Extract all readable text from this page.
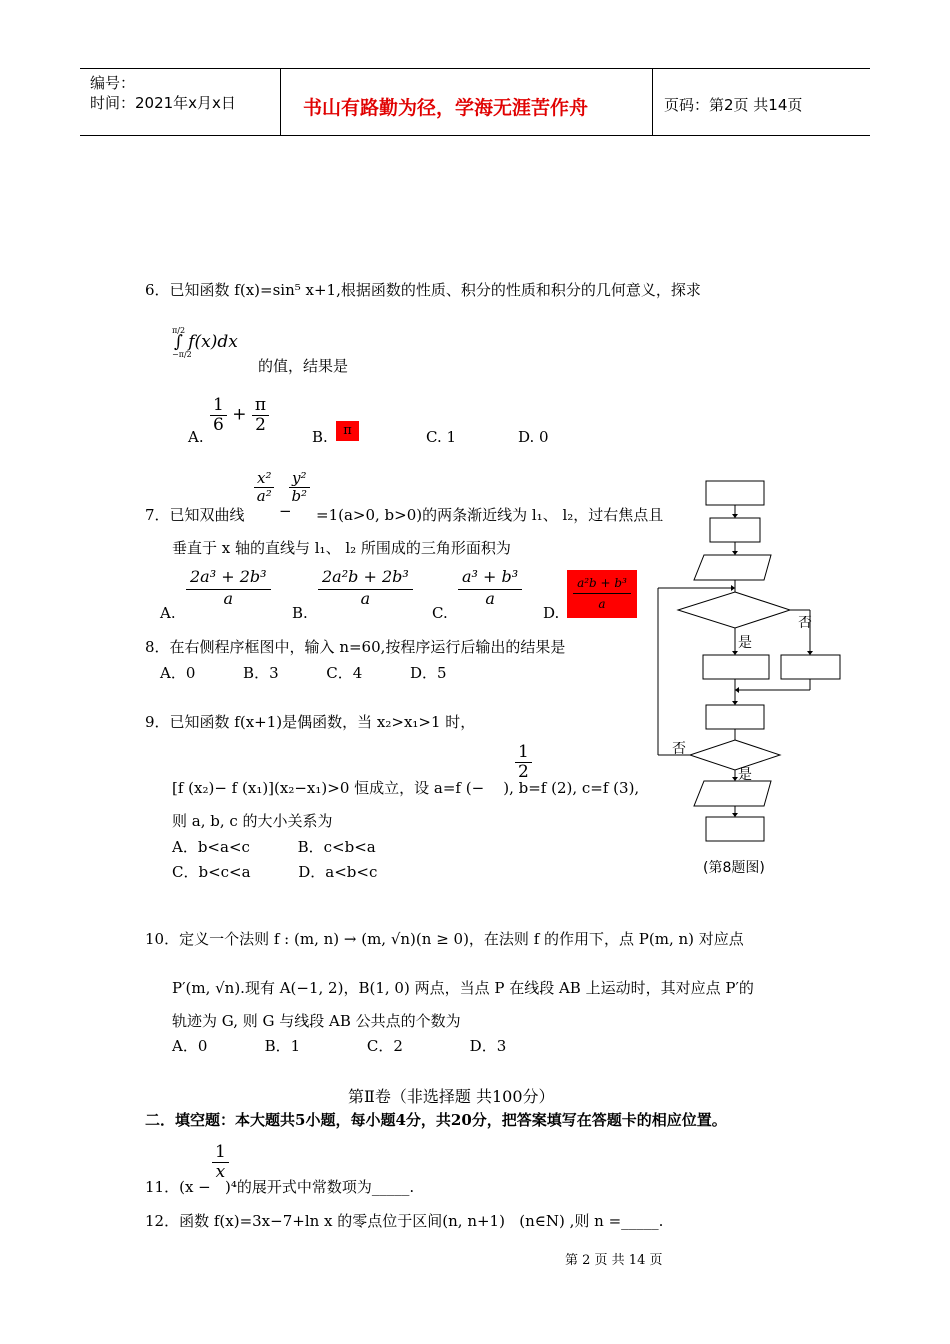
编号：
时间：2021年x月x日	书山有路勤为径，学海无涯苦作舟	页码：第2页 共14页
6．已知函数 f(x)=sin⁵ x+1,根据函数的性质、积分的性质和积分的几何意义，探求
π/2
−π/2
∫ f(x)dx
的值，结果是
A.
$\frac{1}{6} + \frac{\pi}{2}$
B.	π	C. 1	D. 0
7．已知双曲线
$\frac{\text{x²}}{\text{a²}}$
−
$\frac{\text{y²}}{\text{b²}}$
=1(a>0, b>0)的两条渐近线为 l₁、 l₂，过右焦点且
垂直于 x 轴的直线与 l₁、 l₂ 所围成的三角形面积为
A.
$\frac{\text{2a³ + 2b³}}{a}$
B.
$\frac{\text{2a²b + 2b³}}{a}$
C.
$\frac{\text{a³ + b³}}{a}$
D. $\frac{\text{a²b + b³}}{a}$
8．在右侧程序框图中，输入 n=60,按程序运行后输出的结果是
A．0          B．3          C．4          D．5
9．已知函数 f(x+1)是偶函数，当 x₂>x₁>1 时，
$\frac{1}{2}$
[f (x₂)− f (x₁)](x₂−x₁)>0 恒成立，设 a=f (−    ), b=f (2), c=f (3),
则 a, b, c 的大小关系为
A．b<a<c          B．c<b<a
C．b<c<a          D．a<b<c
否
是
否
是
(第8题图)
10．定义一个法则 f : (m, n) → (m, √n)(n ≥ 0)，在法则 f 的作用下，点 P(m, n) 对应点
P′(m, √n).现有 A(−1, 2)，B(1, 0) 两点，当点 P 在线段 AB 上运动时，其对应点 P′的
轨迹为 G, 则 G 与线段 AB 公共点的个数为
A．0            B．1              C．2              D．3
第Ⅱ卷（非选择题 共100分）
二．填空题：本大题共5小题，每小题4分，共20分，把答案填写在答题卡的相应位置。
$\frac{1}{x}$
11．(x −   )⁴的展开式中常数项为_____.
12．函数 f(x)=3x−7+ln x 的零点位于区间(n, n+1)   (n∈N) ,则 n =_____.
第 2 页 共 14 页
